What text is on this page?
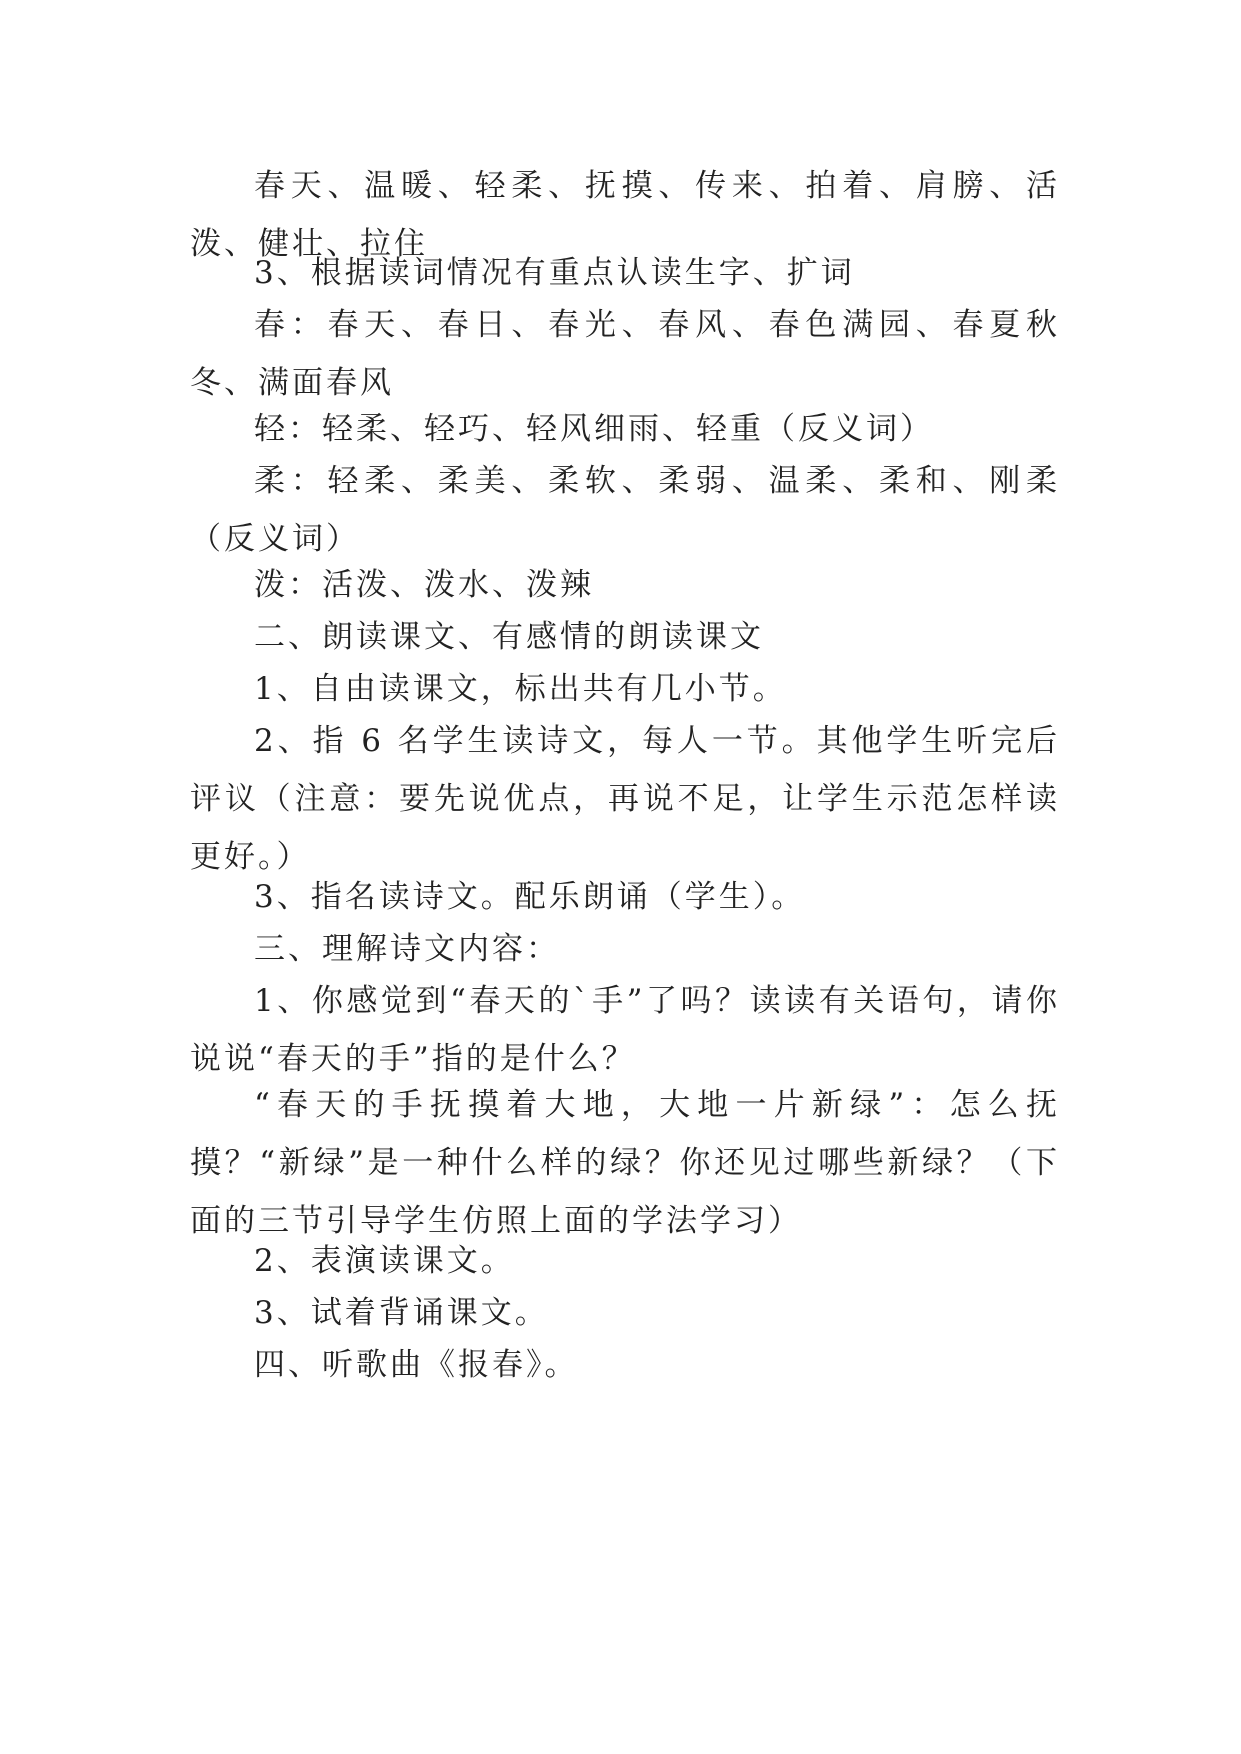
春天、温暖、轻柔、抚摸、传来、拍着、肩膀、活泼、健壮、拉住

3、根据读词情况有重点认读生字、扩词

春：春天、春日、春光、春风、春色满园、春夏秋冬、满面春风

轻：轻柔、轻巧、轻风细雨、轻重（反义词）

柔：轻柔、柔美、柔软、柔弱、温柔、柔和、刚柔（反义词）

泼：活泼、泼水、泼辣

二、朗读课文、有感情的朗读课文

1、自由读课文，标出共有几小节。

2、指 6 名学生读诗文，每人一节。其他学生听完后评议（注意：要先说优点，再说不足，让学生示范怎样读更好。）

3、指名读诗文。配乐朗诵（学生）。

三、理解诗文内容：

1、你感觉到“春天的`手”了吗？读读有关语句，请你说说“春天的手”指的是什么？

“春天的手抚摸着大地，大地一片新绿”：怎么抚摸？“新绿”是一种什么样的绿？你还见过哪些新绿？（下面的三节引导学生仿照上面的学法学习）

2、表演读课文。

3、试着背诵课文。

四、听歌曲《报春》。
